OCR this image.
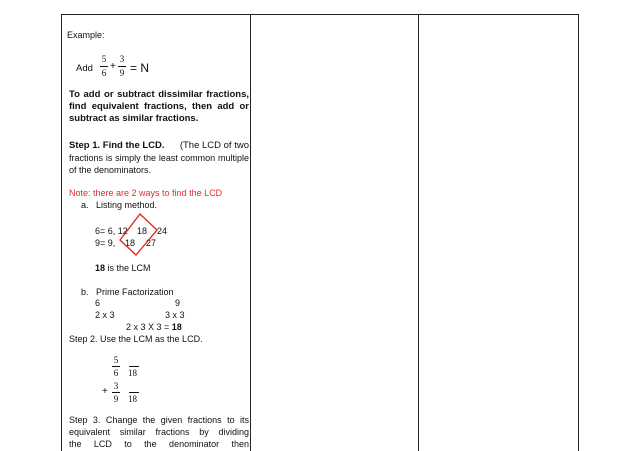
Example:
Add
5
6
+
3
9 = N
To add or subtract dissimilar fractions,
find equivalent fractions, then add or
subtract as similar fractions.
Step 1. Find the LCD. (The LCD of two
fractions is simply the least common multiple
of the denominators.
Note: there are 2 ways to find the LCD
a. Listing method.
6= 6, 12 18 24
9= 9, 18 27
18 is the LCM
b. Prime Factorization
6	9
2 x 3	3 x 3
2 x 3 X 3 = 18
Step 2. Use the LCM as the LCD.
5
6	18
3
+
9	18
Step 3. Change the given fractions to its
equivalent similar fractions by dividing
the LCD to the denominator then
